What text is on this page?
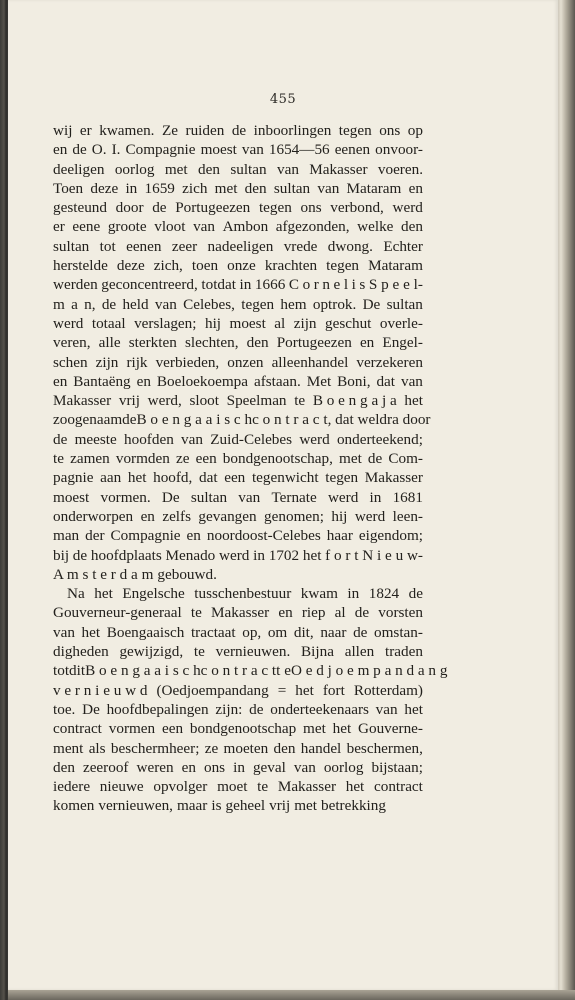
455
wij er kwamen. Ze ruiden de inboorlingen tegen ons op
en de O. I. Compagnie moest van 1654—56 eenen onvoor-
deeligen oorlog met den sultan van Makasser voeren.
Toen deze in 1659 zich met den sultan van Mataram en
gesteund door de Portugeezen tegen ons verbond, werd
er eene groote vloot van Ambon afgezonden, welke den
sultan tot eenen zeer nadeeligen vrede dwong. Echter
herstelde deze zich, toen onze krachten tegen Mataram
werden geconcentreerd, totdat in 1666 C o r n e l i s S p e e l-
m a n, de held van Celebes, tegen hem optrok. De sultan
werd totaal verslagen; hij moest al zijn geschut overle-
veren, alle sterkten slechten, den Portugeezen en Engel-
schen zijn rijk verbieden, onzen alleenhandel verzekeren
en Bantaëng en Boeloekoempa afstaan. Met Boni, dat van
Makasser vrij werd, sloot Speelman te B o e n g a j a het
zoogenaamde B o e n g a a i s c h c o n t r a c t, dat weldra door
de meeste hoofden van Zuid-Celebes werd onderteekend;
te zamen vormden ze een bondgenootschap, met de Com-
pagnie aan het hoofd, dat een tegenwicht tegen Makasser
moest vormen. De sultan van Ternate werd in 1681
onderworpen en zelfs gevangen genomen; hij werd leen-
man der Compagnie en noordoost-Celebes haar eigendom;
bij de hoofdplaats Menado werd in 1702 het f o r t N i e u w-
A m s t e r d a m gebouwd.
Na het Engelsche tusschenbestuur kwam in 1824 de
Gouverneur-generaal te Makasser en riep al de vorsten
van het Boengaaisch tractaat op, om dit, naar de omstan-
digheden gewijzigd, te vernieuwen. Bijna allen traden
tot dit B o e n g a a i s c h c o n t r a c t t e O e d j o e m p a n d a n g
v e r n i e u w d (Oedjoempandang = het fort Rotterdam)
toe. De hoofdbepalingen zijn: de onderteekenaars van het
contract vormen een bondgenootschap met het Gouverne-
ment als beschermheer; ze moeten den handel beschermen,
den zeeroof weren en ons in geval van oorlog bijstaan;
iedere nieuwe opvolger moet te Makasser het contract
komen vernieuwen, maar is geheel vrij met betrekking
